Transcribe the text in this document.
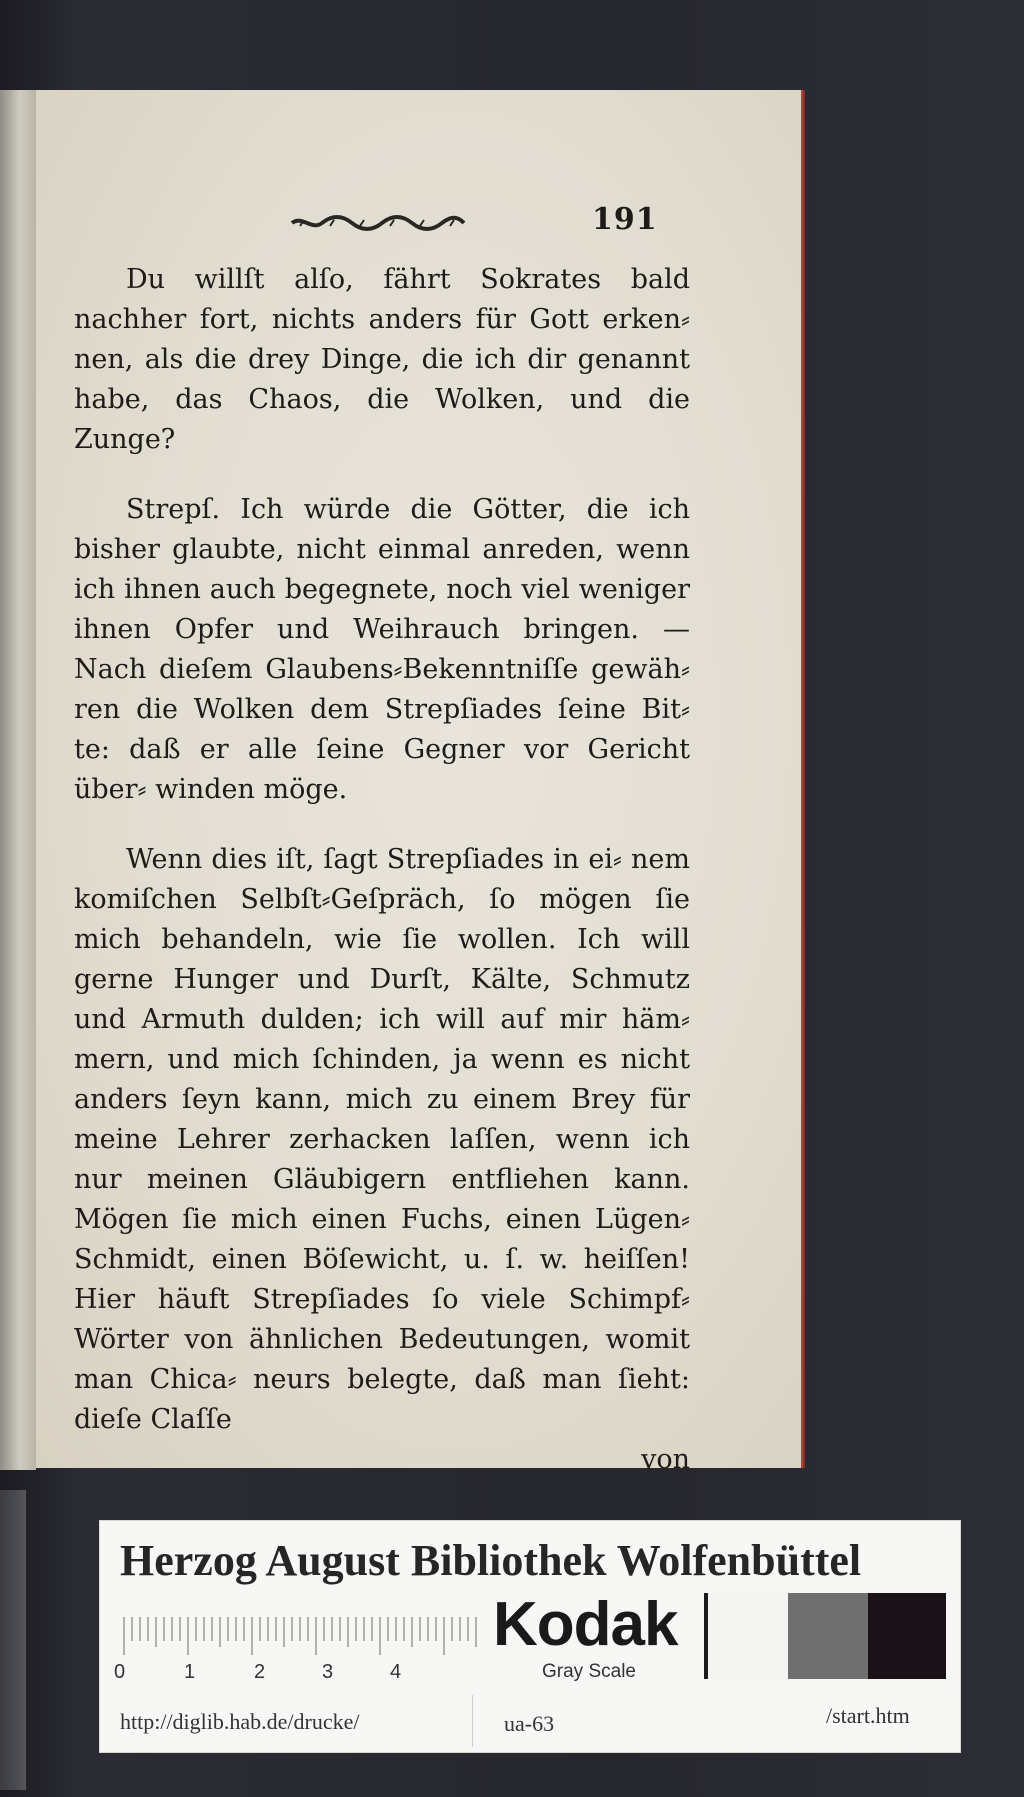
191

Du willſt alſo, fährt Sokrates bald nachher fort, nichts anders für Gott erken⸗ nen, als die drey Dinge, die ich dir genannt habe, das Chaos, die Wolken, und die Zunge?

Strepſ. Ich würde die Götter, die ich bisher glaubte, nicht einmal anreden, wenn ich ihnen auch begegnete, noch viel weniger ihnen Opfer und Weihrauch bringen. — Nach dieſem Glaubens⸗Bekenntniſſe gewäh⸗ ren die Wolken dem Strepſiades ſeine Bit⸗ te: daß er alle ſeine Gegner vor Gericht über⸗ winden möge.

Wenn dies iſt, ſagt Strepſiades in ei⸗ nem komiſchen Selbſt⸗Geſpräch, ſo mögen ſie mich behandeln, wie ſie wollen. Ich will gerne Hunger und Durſt, Kälte, Schmutz und Armuth dulden; ich will auf mir häm⸗ mern, und mich ſchinden, ja wenn es nicht anders ſeyn kann, mich zu einem Brey für meine Lehrer zerhacken laſſen, wenn ich nur meinen Gläubigern entfliehen kann. Mögen ſie mich einen Fuchs, einen Lügen⸗Schmidt, einen Böſewicht, u. ſ. w. heiſſen! Hier häuft Strepſiades ſo viele Schimpf⸗Wörter von ähnlichen Bedeutungen, womit man Chica⸗ neurs belegte, daß man ſieht: dieſe Claſſe

von

Herzog August Bibliothek Wolfenbüttel
0	1	2	3	4
Kodak
Gray Scale
http://diglib.hab.de/drucke/	ua-63	/start.htm
